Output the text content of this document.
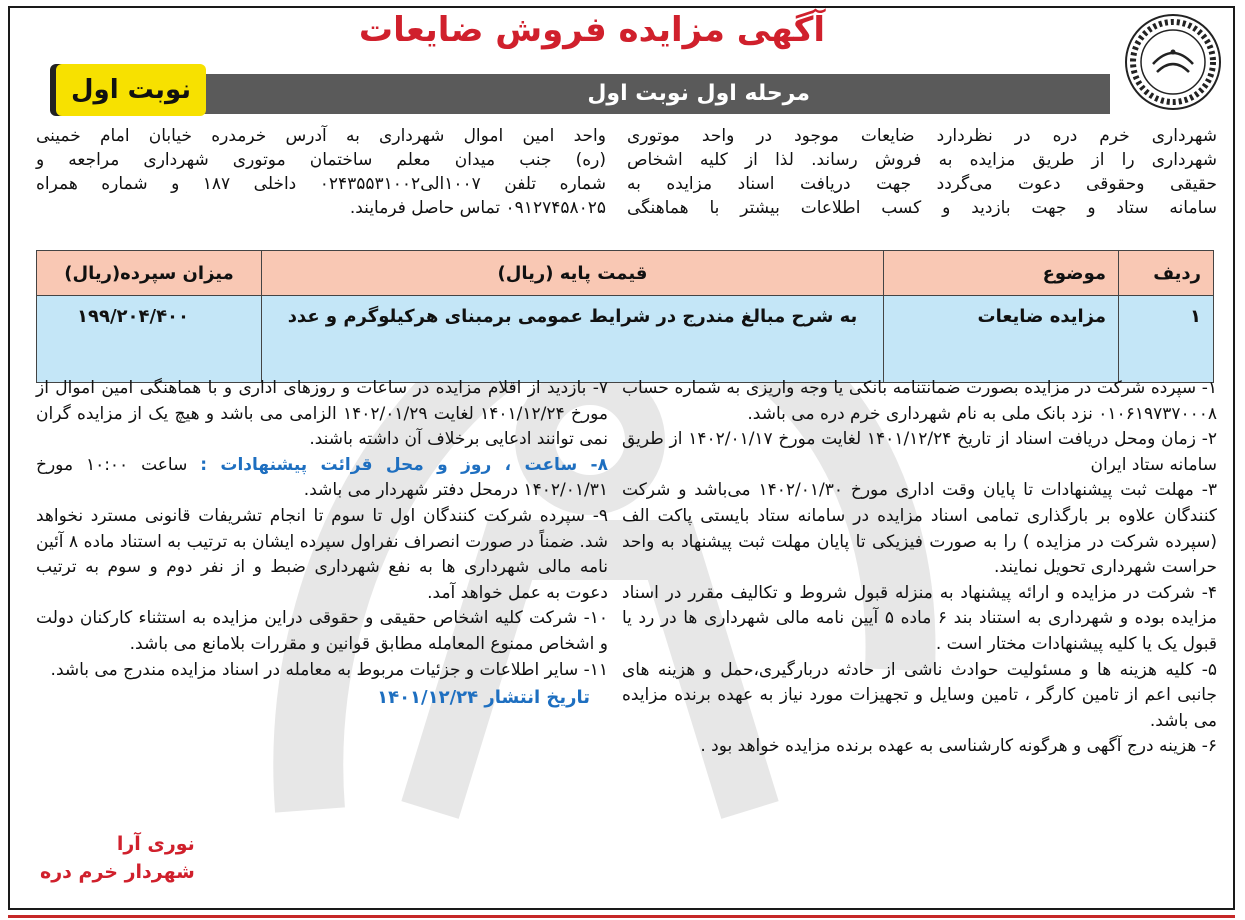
آگهی مزایده فروش ضایعات
مرحله اول نوبت اول
نوبت اول
شهرداری خرم دره در نظردارد ضایعات موجود در واحد موتوری
شهرداری را از طریق مزایده به فروش رساند. لذا از کلیه اشخاص
حقیقی وحقوقی دعوت می‌گردد جهت دریافت اسناد مزایده به
سامانه ستاد و جهت بازدید و کسب اطلاعات بیشتر با هماهنگی
واحد امین اموال شهرداری به آدرس خرمدره خیابان امام خمینی
(ره) جنب میدان معلم ساختمان موتوری شهرداری مراجعه و
شماره تلفن ۱۰۰۷الی۰۲۴۳۵۵۳۱۰۰۲ داخلی ۱۸۷ و شماره همراه
۰۹۱۲۷۴۵۸۰۲۵ تماس حاصل فرمایند.
ردیف	موضوع	قیمت پایه (ریال)	میزان سپرده(ریال)
۱	مزایده ضایعات	به شرح مبالغ مندرج در شرایط عمومی برمبنای هرکیلوگرم و عدد	۱۹۹/۲۰۴/۴۰۰

۱- سپرده شرکت در مزایده بصورت ضمانتنامه بانکی یا وجه واریزی به شماره حساب ۰۱۰۶۱۹۷۳۷۰۰۰۸ نزد بانک ملی به نام شهرداری خرم دره می باشد.

۲- زمان ومحل دریافت اسناد از تاریخ ۱۴۰۱/۱۲/۲۴ لغایت مورخ ۱۴۰۲/۰۱/۱۷ از طریق سامانه ستاد ایران

۳- مهلت ثبت پیشنهادات تا پایان وقت اداری مورخ ۱۴۰۲/۰۱/۳۰ می‌باشد و شرکت کنندگان علاوه بر بارگذاری تمامی اسناد مزایده در سامانه ستاد بایستی پاکت الف (سپرده شرکت در مزایده ) را به صورت فیزیکی تا پایان مهلت ثبت پیشنهاد به واحد حراست شهرداری تحویل نمایند.

۴- شرکت در مزایده و ارائه پیشنهاد به منزله قبول شروط و تکالیف مقرر در اسناد مزایده بوده و شهرداری به استناد بند ۶ ماده ۵ آیین نامه مالی شهرداری ها در رد یا قبول یک یا کلیه پیشنهادات مختار است .

۵- کلیه هزینه ها و مسئولیت حوادث ناشی از حادثه دربارگیری،حمل و هزینه های جانبی اعم از تامین کارگر ، تامین وسایل و تجهیزات مورد نیاز به عهده برنده مزایده می باشد.

۶- هزینه درج آگهی و هرگونه کارشناسی به عهده برنده مزایده خواهد بود .

۷- بازدید از اقلام مزایده در ساعات و روزهای اداری و با هماهنگی امین اموال از مورخ ۱۴۰۱/۱۲/۲۴ لغایت ۱۴۰۲/۰۱/۲۹ الزامی می باشد و هیچ یک از مزایده گران نمی توانند ادعایی برخلاف آن داشته باشند.

۸- ساعت ، روز و محل قرائت پیشنهادات : ساعت ۱۰:۰۰ مورخ ۱۴۰۲/۰۱/۳۱ درمحل دفتر شهردار می باشد.

۹- سپرده شرکت کنندگان اول تا سوم تا انجام تشریفات قانونی مسترد نخواهد شد. ضمناً در صورت انصراف نفراول سپرده ایشان به ترتیب به استناد ماده ۸ آئین نامه مالی شهرداری ها به نفع شهرداری ضبط و از نفر دوم و سوم به ترتیب دعوت به عمل خواهد آمد.

۱۰- شرکت کلیه اشخاص حقیقی و حقوقی دراین مزایده به استثناء کارکنان دولت و اشخاص ممنوع المعامله مطابق قوانین و مقررات بلامانع می باشد.

۱۱- سایر اطلاعات و جزئیات مربوط به معامله در اسناد مزایده مندرج می باشد.

تاریخ انتشار ۱۴۰۱/۱۲/۲۴
نوری آرا
شهردار خرم دره
